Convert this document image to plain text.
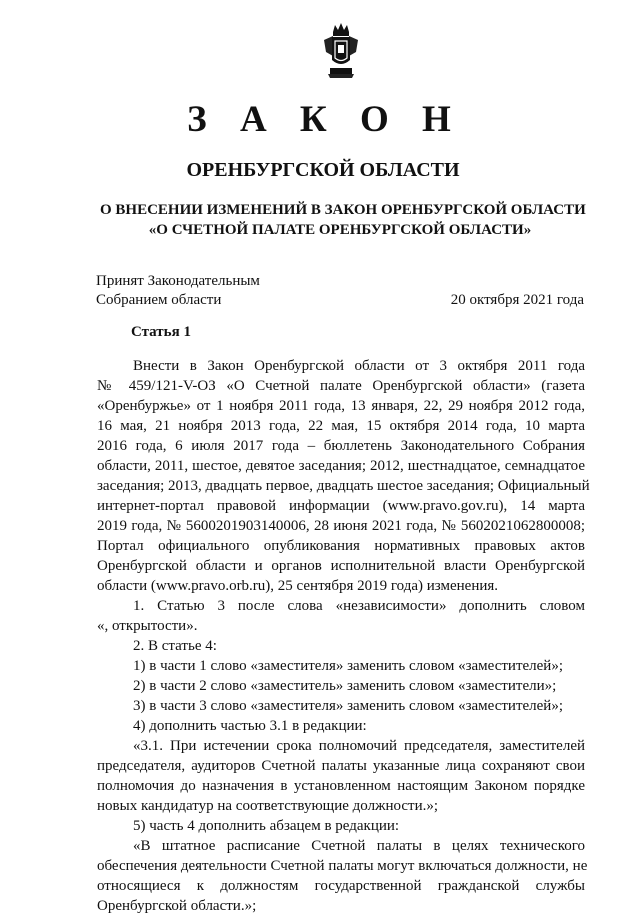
З А К О Н
ОРЕНБУРГСКОЙ ОБЛАСТИ
О ВНЕСЕНИИ ИЗМЕНЕНИЙ В ЗАКОН ОРЕНБУРГСКОЙ ОБЛАСТИ
«О СЧЕТНОЙ ПАЛАТЕ ОРЕНБУРГСКОЙ ОБЛАСТИ»
Принят Законодательным
Собранием области	20 октября 2021 года
Статья 1
Внести в Закон Оренбургской области от 3 октября 2011 года
№ 459/121-V-ОЗ «О Счетной палате Оренбургской области» (газета
«Оренбуржье» от 1 ноября 2011 года, 13 января, 22, 29 ноября 2012 года,
16 мая, 21 ноября 2013 года, 22 мая, 15 октября 2014 года, 10 марта
2016 года, 6 июля 2017 года – бюллетень Законодательного Собрания
области, 2011, шестое, девятое заседания; 2012, шестнадцатое, семнадцатое
заседания; 2013, двадцать первое, двадцать шестое заседания; Официальный
интернет-портал правовой информации (www.pravo.gov.ru), 14 марта
2019 года, № 5600201903140006, 28 июня 2021 года, № 5602021062800008;
Портал официального опубликования нормативных правовых актов
Оренбургской области и органов исполнительной власти Оренбургской
области (www.pravo.orb.ru), 25 сентября 2019 года) изменения.
1. Статью 3 после слова «независимости» дополнить словом
«, открытости».
2. В статье 4:
1) в части 1 слово «заместителя» заменить словом «заместителей»;
2) в части 2 слово «заместитель» заменить словом «заместители»;
3) в части 3 слово «заместителя» заменить словом «заместителей»;
4) дополнить частью 3.1 в редакции:
«3.1. При истечении срока полномочий председателя, заместителей
председателя, аудиторов Счетной палаты указанные лица сохраняют свои
полномочия до назначения в установленном настоящим Законом порядке
новых кандидатур на соответствующие должности.»;
5) часть 4 дополнить абзацем в редакции:
«В штатное расписание Счетной палаты в целях технического
обеспечения деятельности Счетной палаты могут включаться должности, не
относящиеся к должностям государственной гражданской службы
Оренбургской области.»;
